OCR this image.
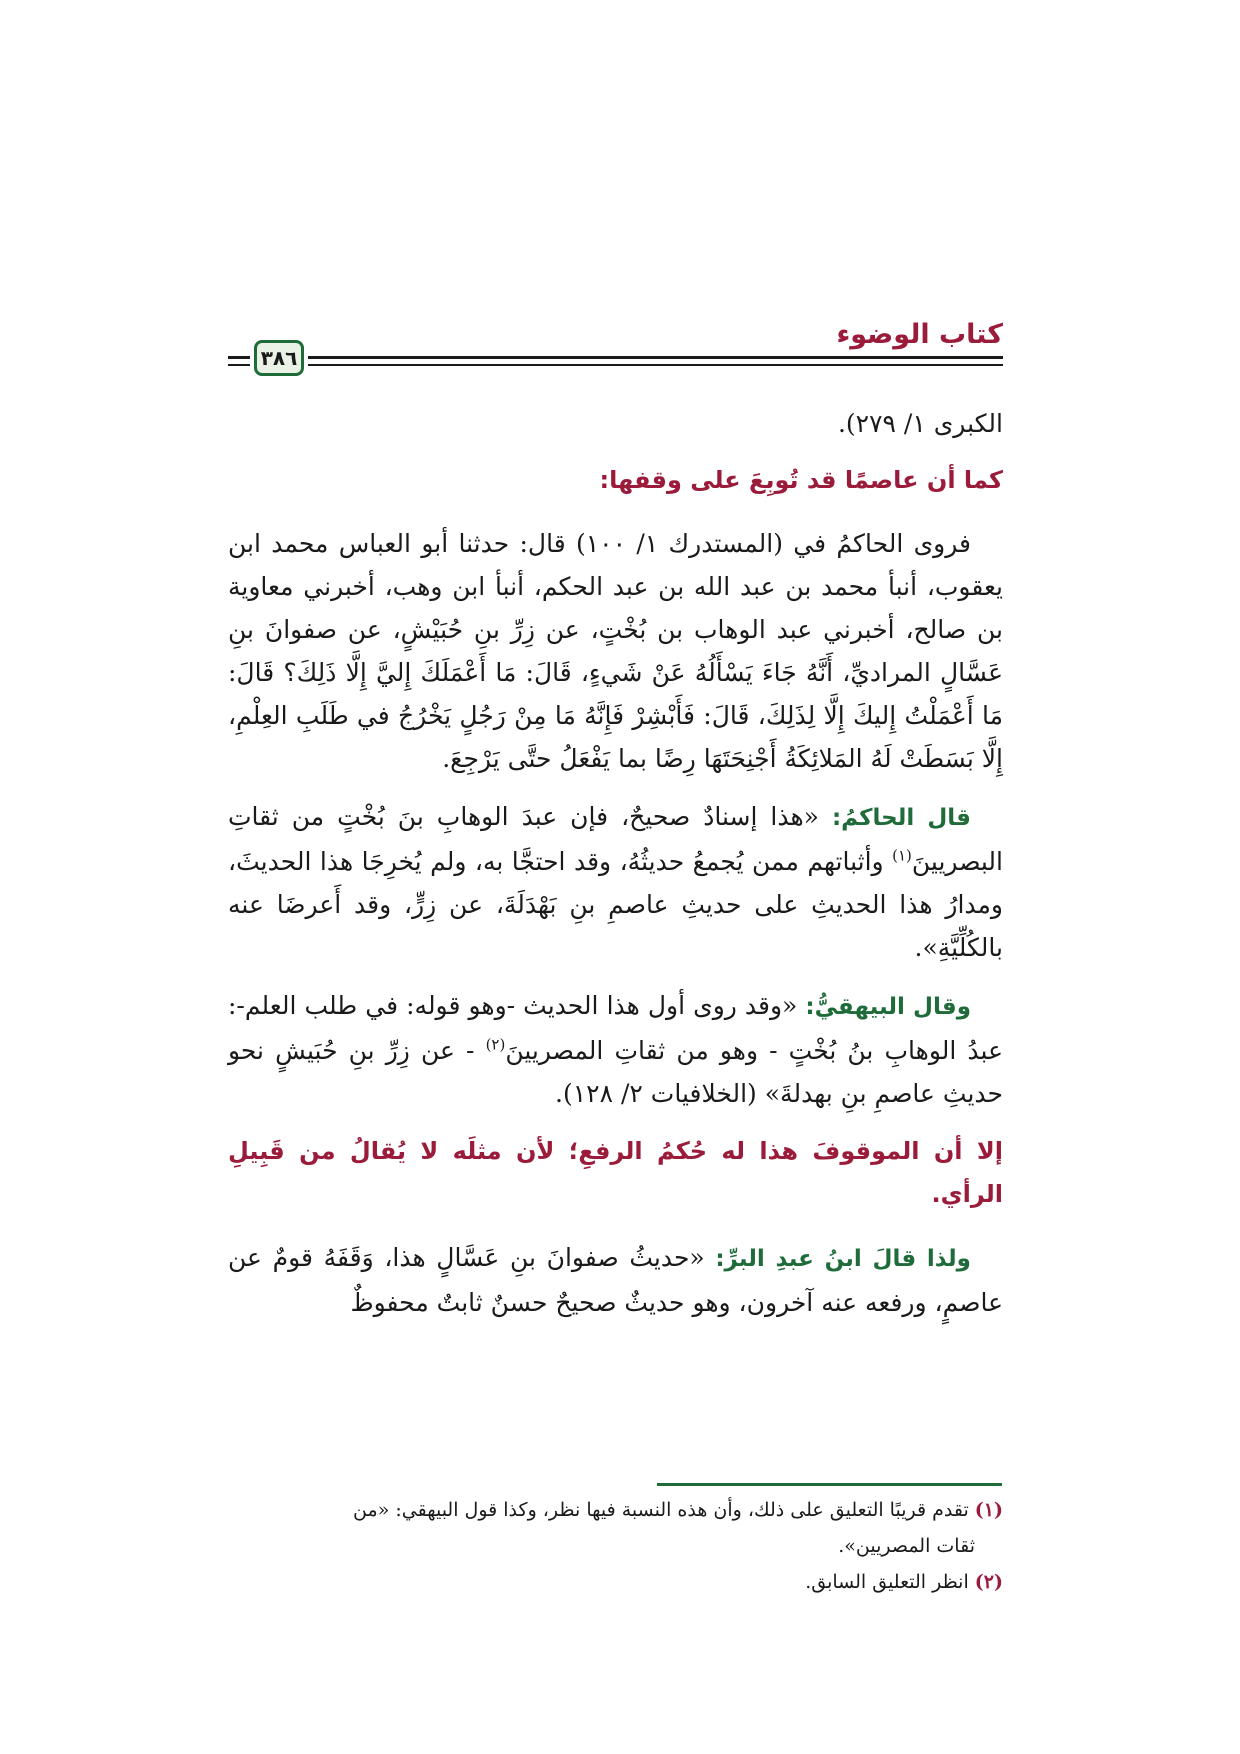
كتاب الوضوء
٣٨٦

الكبرى ١/ ٢٧٩).

كما أن عاصمًا قد تُوبِعَ على وقفها:

فروى الحاكمُ في (المستدرك ١/ ١٠٠) قال: حدثنا أبو العباس محمد ابن يعقوب، أنبأ محمد بن عبد الله بن عبد الحكم، أنبأ ابن وهب، أخبرني معاوية بن صالح، أخبرني عبد الوهاب بن بُخْتٍ، عن زِرِّ بنِ حُبَيْشٍ، عن صفوانَ بنِ عَسَّالٍ المراديِّ، أَنَّهُ جَاءَ يَسْأَلُهُ عَنْ شَيءٍ، قَالَ: مَا أَعْمَلَكَ إِليَّ إِلَّا ذَلِكَ؟ قَالَ: مَا أَعْمَلْتُ إِليكَ إِلَّا لِذَلِكَ، قَالَ: فَأَبْشِرْ فَإِنَّهُ مَا مِنْ رَجُلٍ يَخْرُجُ في طَلَبِ العِلْمِ، إِلَّا بَسَطَتْ لَهُ المَلائِكَةُ أَجْنِحَتَهَا رِضًا بما يَفْعَلُ حتَّى يَرْجِعَ.

قال الحاكمُ: «هذا إسنادٌ صحيحٌ، فإن عبدَ الوهابِ بنَ بُخْتٍ من ثقاتِ البصريينَ$^{(١)}$ وأثباتهم ممن يُجمعُ حديثُهُ، وقد احتجَّا به، ولم يُخرِجَا هذا الحديثَ، ومدارُ هذا الحديثِ على حديثِ عاصمِ بنِ بَهْدَلَةَ، عن زِرٍّ، وقد أَعرضَا عنه بالكُلِّيَّةِ».

وقال البيهقيُّ: «وقد روى أول هذا الحديث -وهو قوله: في طلب العلم-: عبدُ الوهابِ بنُ بُخْتٍ - وهو من ثقاتِ المصريينَ$^{(٢)}$ - عن زِرِّ بنِ حُبَيشٍ نحو حديثِ عاصمِ بنِ بهدلةَ» (الخلافيات ٢/ ١٢٨).

إلا أن الموقوفَ هذا له حُكمُ الرفعِ؛ لأن مثلَه لا يُقالُ من قَبِيلِ الرأي.

ولذا قالَ ابنُ عبدِ البرِّ: «حديثُ صفوانَ بنِ عَسَّالٍ هذا، وَقَفَهُ قومٌ عن عاصمٍ، ورفعه عنه آخرون، وهو حديثٌ صحيحٌ حسنٌ ثابتٌ محفوظٌ

(١) تقدم قريبًا التعليق على ذلك، وأن هذه النسبة فيها نظر، وكذا قول البيهقي: «من

ثقات المصريين».

(٢) انظر التعليق السابق.
